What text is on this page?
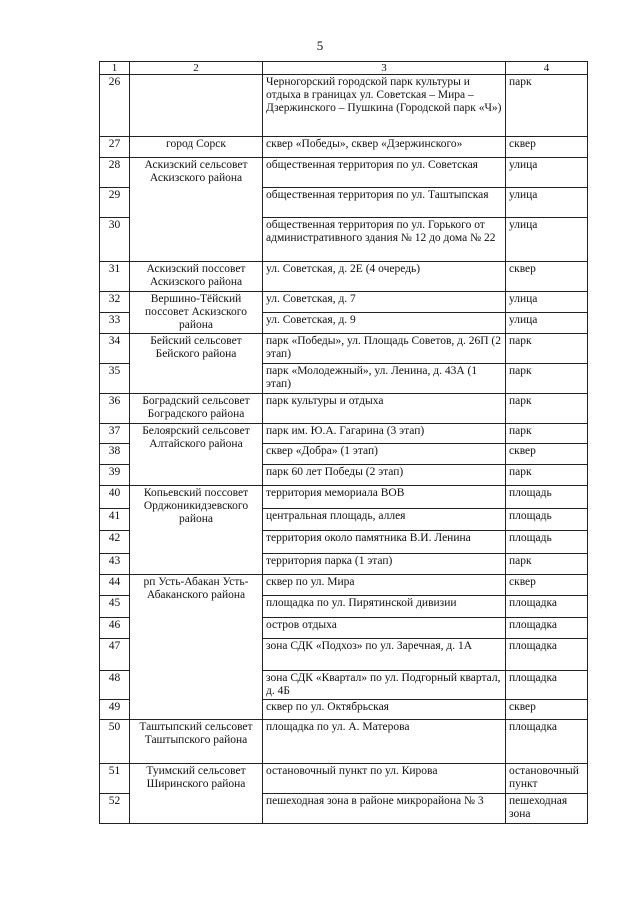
5
1	2	3	4
26		Черногорский городской парк культуры и отдыха в границах ул. Советская – Мира – Дзержинского – Пушкина (Городской парк «Ч»)	парк
27	город Сорск	сквер «Победы», сквер «Дзержинского»	сквер
28	Аскизский сельсовет Аскизского района	общественная территория по ул. Советская	улица
29		общественная территория по ул. Таштыпская	улица
30		общественная территория по ул. Горького от административного здания № 12 до дома № 22	улица
31	Аскизский поссовет Аскизского района	ул. Советская, д. 2Е (4 очередь)	сквер
32	Вершино-Тёйский поссовет Аскизского района	ул. Советская, д. 7	улица
33		ул. Советская, д. 9	улица
34	Бейский сельсовет Бейского района	парк «Победы», ул. Площадь Советов, д. 26П (2 этап)	парк
35		парк «Молодежный», ул. Ленина, д. 43А (1 этап)	парк
36	Боградский сельсовет Боградского района	парк культуры и отдыха	парк
37	Белоярский сельсовет Алтайского района	парк им. Ю.А. Гагарина (3 этап)	парк
38		сквер «Добра» (1 этап)	сквер
39		парк 60 лет Победы (2 этап)	парк
40	Копьевский поссовет Орджоникидзевского района	территория мемориала ВОВ	площадь
41		центральная площадь, аллея	площадь
42		территория около памятника В.И. Ленина	площадь
43		территория парка (1 этап)	парк
44	рп Усть-Абакан Усть-Абаканского района	сквер по ул. Мира	сквер
45		площадка по ул. Пирятинской дивизии	площадка
46		остров отдыха	площадка
47		зона СДК «Подхоз» по ул. Заречная, д. 1А	площадка
48		зона СДК «Квартал» по ул. Подгорный квартал, д. 4Б	площадка
49		сквер по ул. Октябрьская	сквер
50	Таштыпский сельсовет Таштыпского района	площадка по ул. А. Матерова	площадка
51	Туимский сельсовет Ширинского района	остановочный пункт по ул. Кирова	остановочный пункт
52		пешеходная зона в районе микрорайона № 3	пешеходная зона
